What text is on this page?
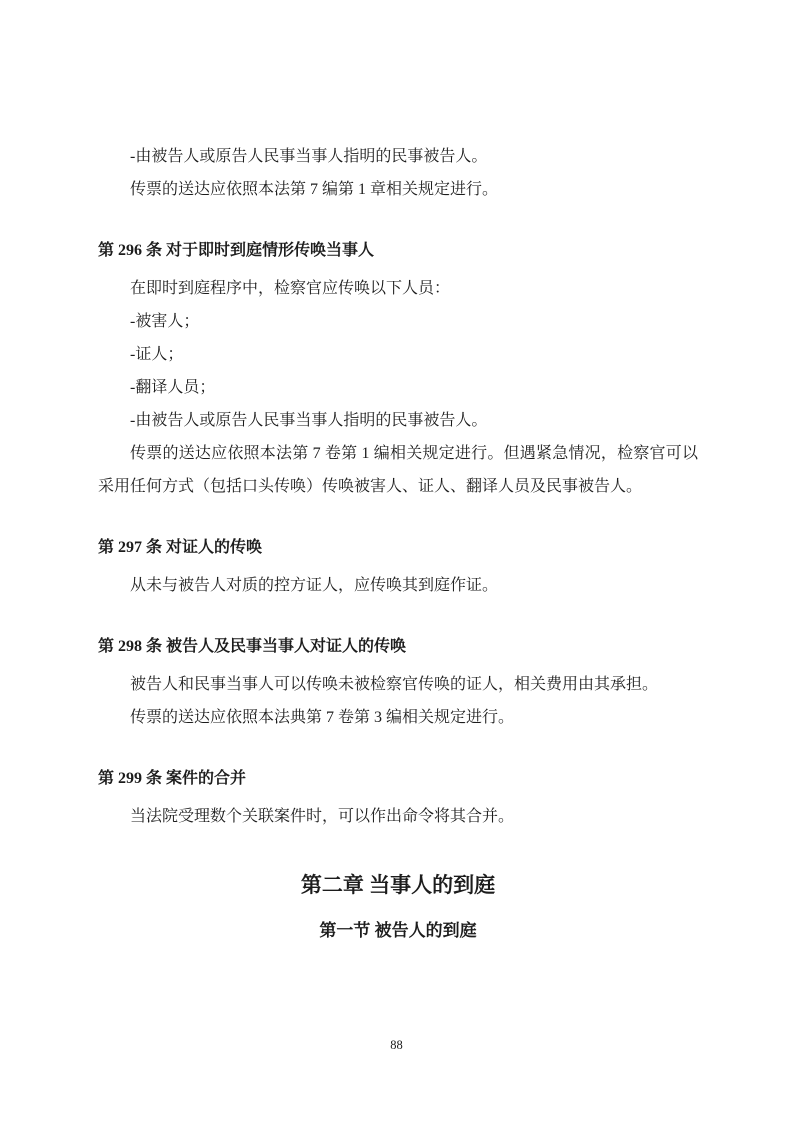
-由被告人或原告人民事当事人指明的民事被告人。

传票的送达应依照本法第 7 编第 1 章相关规定进行。

第 296 条 对于即时到庭情形传唤当事人

在即时到庭程序中，检察官应传唤以下人员：

-被害人；

-证人；

-翻译人员；

-由被告人或原告人民事当事人指明的民事被告人。

传票的送达应依照本法第 7 卷第 1 编相关规定进行。但遇紧急情况，检察官可以采用任何方式（包括口头传唤）传唤被害人、证人、翻译人员及民事被告人。

第 297 条 对证人的传唤

从未与被告人对质的控方证人，应传唤其到庭作证。

第 298 条 被告人及民事当事人对证人的传唤

被告人和民事当事人可以传唤未被检察官传唤的证人，相关费用由其承担。

传票的送达应依照本法典第 7 卷第 3 编相关规定进行。

第 299 条 案件的合并

当法院受理数个关联案件时，可以作出命令将其合并。

第二章 当事人的到庭

第一节 被告人的到庭

88
